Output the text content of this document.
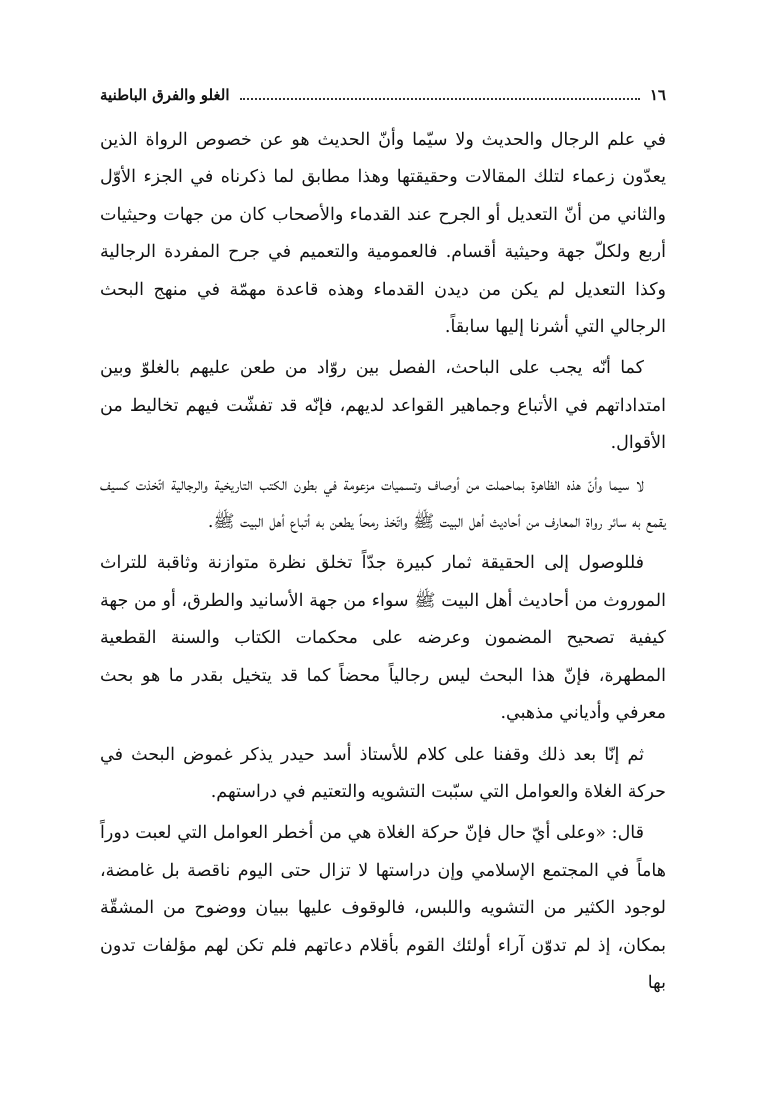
١٦
الغلو والفرق الباطنية

في علم الرجال والحديث ولا سيّما وأنّ الحديث هو عن خصوص الرواة الذين يعدّون زعماء لتلك المقالات وحقيقتها وهذا مطابق لما ذكرناه في الجزء الأوّل والثاني من أنّ التعديل أو الجرح عند القدماء والأصحاب كان من جهات وحيثيات أربع ولكلّ جهة وحيثية أقسام. فالعمومية والتعميم في جرح المفردة الرجالية وكذا التعديل لم يكن من ديدن القدماء وهذه قاعدة مهمّة في منهج البحث الرجالي التي أشرنا إليها سابقاً.

كما أنّه يجب على الباحث، الفصل بين روّاد من طعن عليهم بالغلوّ وبين امتداداتهم في الأتباع وجماهير القواعد لديهم، فإنّه قد تفشّت فيهم تخاليط من الأقوال.

لا سيما وأنّ هذه الظاهرة بماحملت من أوصاف وتسميات مزعومة في بطون الكتب التاريخية والرجالية اتّخذت كسيف يقمع به سائر رواة المعارف من أحاديث أهل البيت ﷺ واتّخذ رمحاً يطعن به أتباع أهل البيت ﷺ.

فللوصول إلى الحقيقة ثمار كبيرة جدّاً تخلق نظرة متوازنة وثاقبة للتراث الموروث من أحاديث أهل البيت ﷺ سواء من جهة الأسانيد والطرق، أو من جهة كيفية تصحيح المضمون وعرضه على محكمات الكتاب والسنة القطعية المطهرة، فإنّ هذا البحث ليس رجالياً محضاً كما قد يتخيل بقدر ما هو بحث معرفي وأدياني مذهبي.

ثم إنّا بعد ذلك وقفنا على كلام للأستاذ أسد حيدر يذكر غموض البحث في حركة الغلاة والعوامل التي سبّبت التشويه والتعتيم في دراستهم.

قال: «وعلى أيّ حال فإنّ حركة الغلاة هي من أخطر العوامل التي لعبت دوراً هاماً في المجتمع الإسلامي وإن دراستها لا تزال حتى اليوم ناقصة بل غامضة، لوجود الكثير من التشويه واللبس، فالوقوف عليها ببيان ووضوح من المشقّة بمكان، إذ لم تدوّن آراء أولئك القوم بأقلام دعاتهم فلم تكن لهم مؤلفات تدون بها
